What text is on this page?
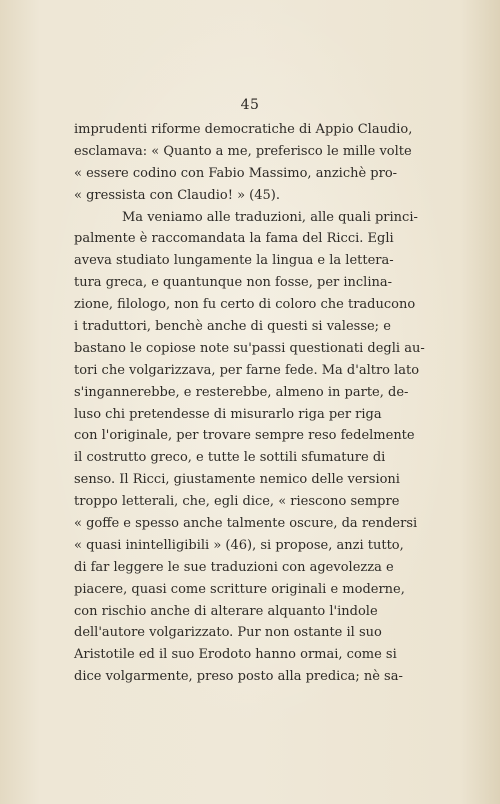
45
imprudenti riforme democratiche di Appio Claudio,
esclamava: « Quanto a me, preferisco le mille volte
« essere codino con Fabio Massimo, anzichè pro-
« gressista con Claudio! » (45).
Ma veniamo alle traduzioni, alle quali princi-
palmente è raccomandata la fama del Ricci. Egli
aveva studiato lungamente la lingua e la lettera-
tura greca, e quantunque non fosse, per inclina-
zione, filologo, non fu certo di coloro che traducono
i traduttori, benchè anche di questi si valesse; e
bastano le copiose note su'passi questionati degli au-
tori che volgarizzava, per farne fede. Ma d'altro lato
s'ingannerebbe, e resterebbe, almeno in parte, de-
luso chi pretendesse di misurarlo riga per riga
con l'originale, per trovare sempre reso fedelmente
il costrutto greco, e tutte le sottili sfumature di
senso. Il Ricci, giustamente nemico delle versioni
troppo letterali, che, egli dice, « riescono sempre
« goffe e spesso anche talmente oscure, da rendersi
« quasi inintelligibili » (46), si propose, anzi tutto,
di far leggere le sue traduzioni con agevolezza e
piacere, quasi come scritture originali e moderne,
con rischio anche di alterare alquanto l'indole
dell'autore volgarizzato. Pur non ostante il suo
Aristotile ed il suo Erodoto hanno ormai, come si
dice volgarmente, preso posto alla predica; nè sa-
